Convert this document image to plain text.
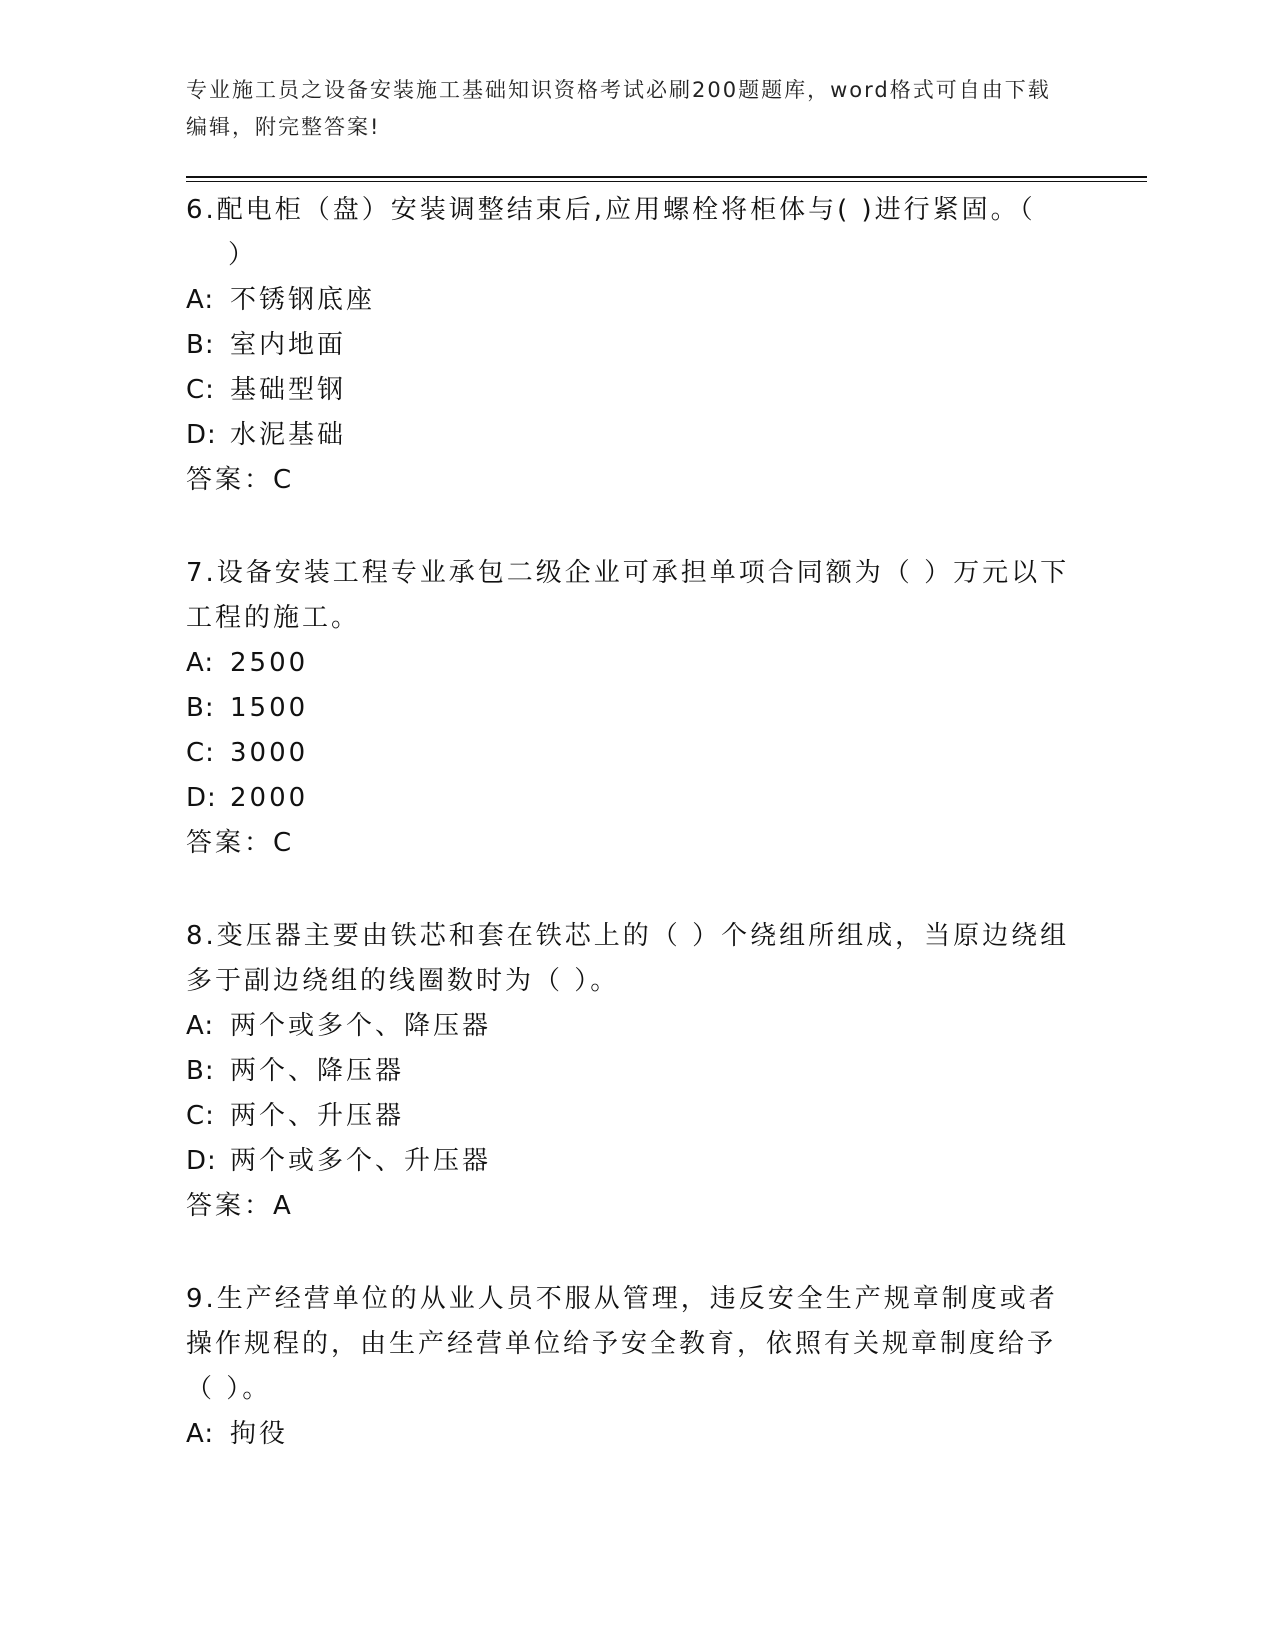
专业施工员之设备安装施工基础知识资格考试必刷200题题库，word格式可自由下载编辑，附完整答案!
6.配电柜（盘）安装调整结束后,应用螺栓将柜体与( )进行紧固。（
）
A: 不锈钢底座
B: 室内地面
C: 基础型钢
D: 水泥基础
答案：C
7.设备安装工程专业承包二级企业可承担单项合同额为（ ）万元以下工程的施工。
A: 2500
B: 1500
C: 3000
D: 2000
答案：C
8.变压器主要由铁芯和套在铁芯上的（ ）个绕组所组成，当原边绕组多于副边绕组的线圈数时为（ ）。
A: 两个或多个、降压器
B: 两个、降压器
C: 两个、升压器
D: 两个或多个、升压器
答案：A
9.生产经营单位的从业人员不服从管理，违反安全生产规章制度或者操作规程的，由生产经营单位给予安全教育，依照有关规章制度给予（ ）。
A: 拘役
